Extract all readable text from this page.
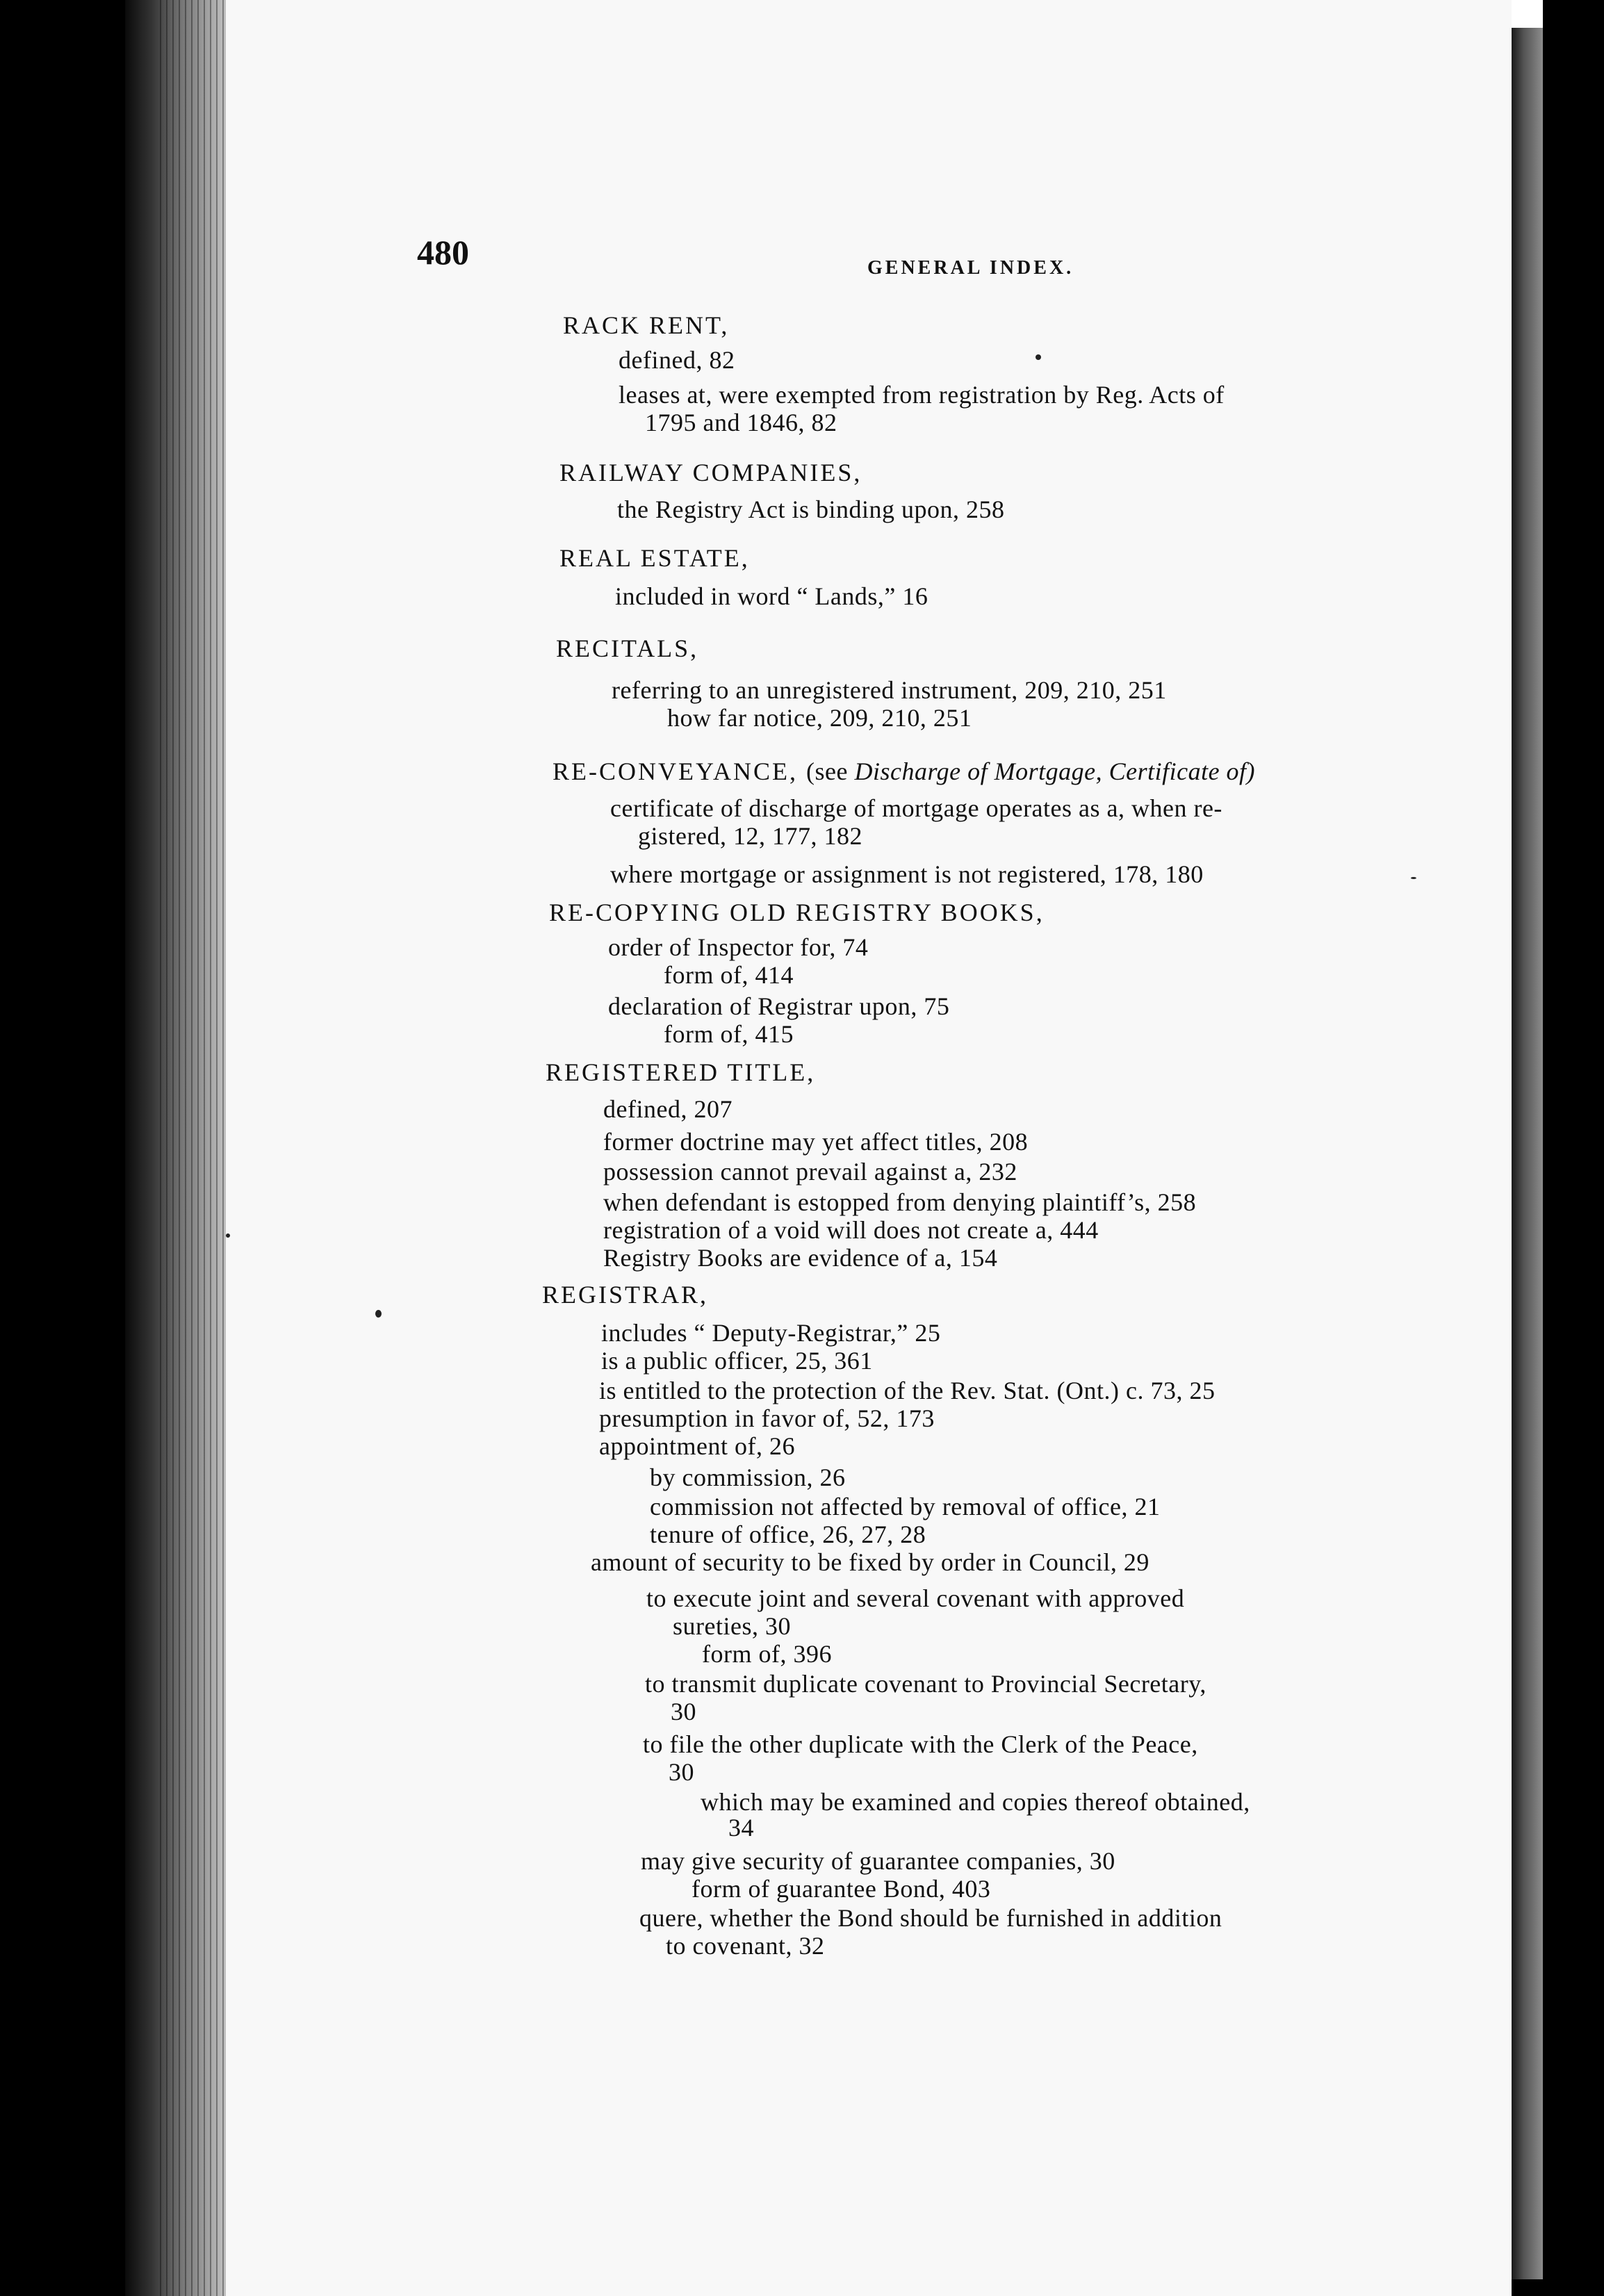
480	GENERAL INDEX.
RACK RENT,
defined, 82
leases at, were exempted from registration by Reg. Acts of
1795 and 1846, 82
RAILWAY COMPANIES,
the Registry Act is binding upon, 258
REAL ESTATE,
included in word “ Lands,” 16
RECITALS,
referring to an unregistered instrument, 209, 210, 251
how far notice, 209, 210, 251
RE-CONVEYANCE, (see Discharge of Mortgage, Certificate of)
certificate of discharge of mortgage operates as a, when re-
gistered, 12, 177, 182
where mortgage or assignment is not registered, 178, 180
RE-COPYING OLD REGISTRY BOOKS,
order of Inspector for, 74
form of, 414
declaration of Registrar upon, 75
form of, 415
REGISTERED TITLE,
defined, 207
former doctrine may yet affect titles, 208
possession cannot prevail against a, 232
when defendant is estopped from denying plaintiff’s, 258
registration of a void will does not create a, 444
Registry Books are evidence of a, 154
REGISTRAR,
includes “ Deputy-Registrar,” 25
is a public officer, 25, 361
is entitled to the protection of the Rev. Stat. (Ont.) c. 73, 25
presumption in favor of, 52, 173
appointment of, 26
by commission, 26
commission not affected by removal of office, 21
tenure of office, 26, 27, 28
amount of security to be fixed by order in Council, 29
to execute joint and several covenant with approved
sureties, 30
form of, 396
to transmit duplicate covenant to Provincial Secretary,
30
to file the other duplicate with the Clerk of the Peace,
30
which may be examined and copies thereof obtained,
34
may give security of guarantee companies, 30
form of guarantee Bond, 403
quere, whether the Bond should be furnished in addition
to covenant, 32
